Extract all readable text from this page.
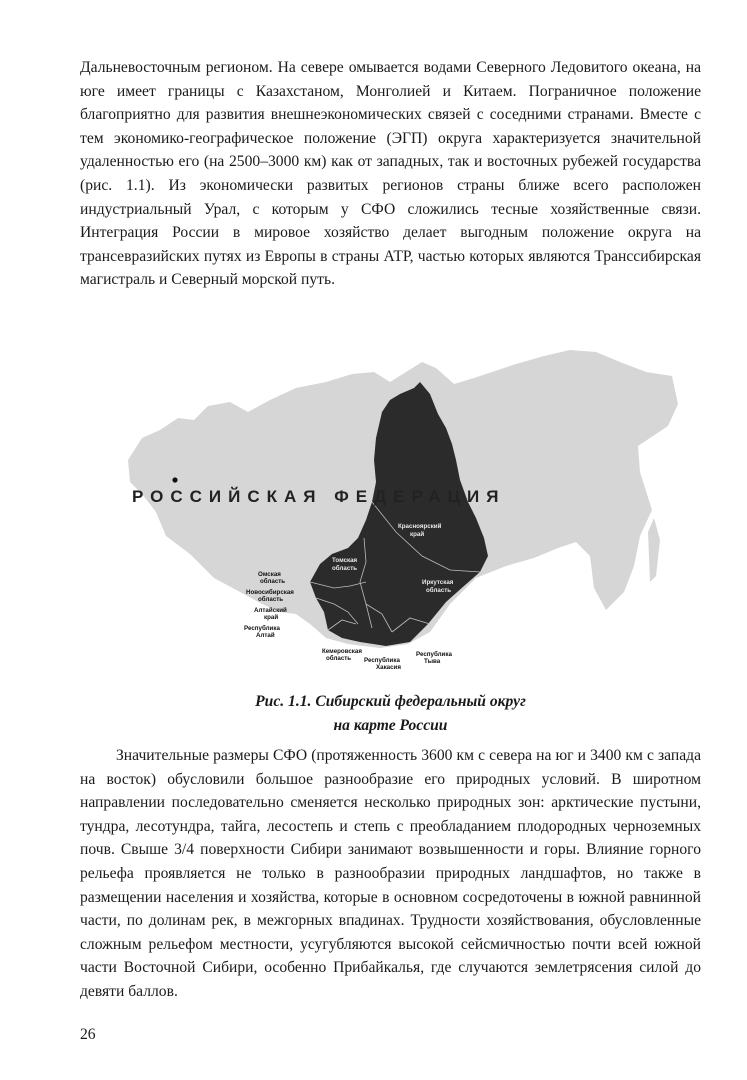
Дальневосточным регионом. На севере омывается водами Северного Ледовитого океана, на юге имеет границы с Казахстаном, Монголией и Китаем. Пограничное положение благоприятно для развития внешнеэкономических связей с соседними странами. Вместе с тем экономико-географическое положение (ЭГП) округа характеризуется значительной удаленностью его (на 2500–3000 км) как от западных, так и восточных рубежей государства (рис. 1.1). Из экономически развитых регионов страны ближе всего расположен индустриальный Урал, с которым у СФО сложились тесные хозяйственные связи. Интеграция России в мировое хозяйство делает выгодным положение округа на трансевразийских путях из Европы в страны АТР, частью которых являются Транссибирская магистраль и Северный морской путь.

РОССИЙСКАЯ ФЕДЕРАЦИЯ
Красноярский
край
Томская
область
Иркутская
область
Омская
область
Новосибирская
область
Алтайский
край
Республика
Алтай
Кемеровская
область Республика
Хакасия
Республика
Тыва
Рис. 1.1. Сибирский федеральный округ
на карте России

Значительные размеры СФО (протяженность 3600 км с севера на юг и 3400 км с запада на восток) обусловили большое разнообразие его природных условий. В широтном направлении последовательно сменяется несколько природных зон: арктические пустыни, тундра, лесотундра, тайга, лесостепь и степь с преобладанием плодородных черноземных почв. Свыше 3/4 поверхности Сибири занимают возвышенности и горы. Влияние горного рельефа проявляется не только в разнообразии природных ландшафтов, но также в размещении населения и хозяйства, которые в основном сосредоточены в южной равнинной части, по долинам рек, в межгорных впадинах. Трудности хозяйствования, обусловленные сложным рельефом местности, усугубляются высокой сейсмичностью почти всей южной части Восточной Сибири, особенно Прибайкалья, где случаются землетрясения силой до девяти баллов.

26
